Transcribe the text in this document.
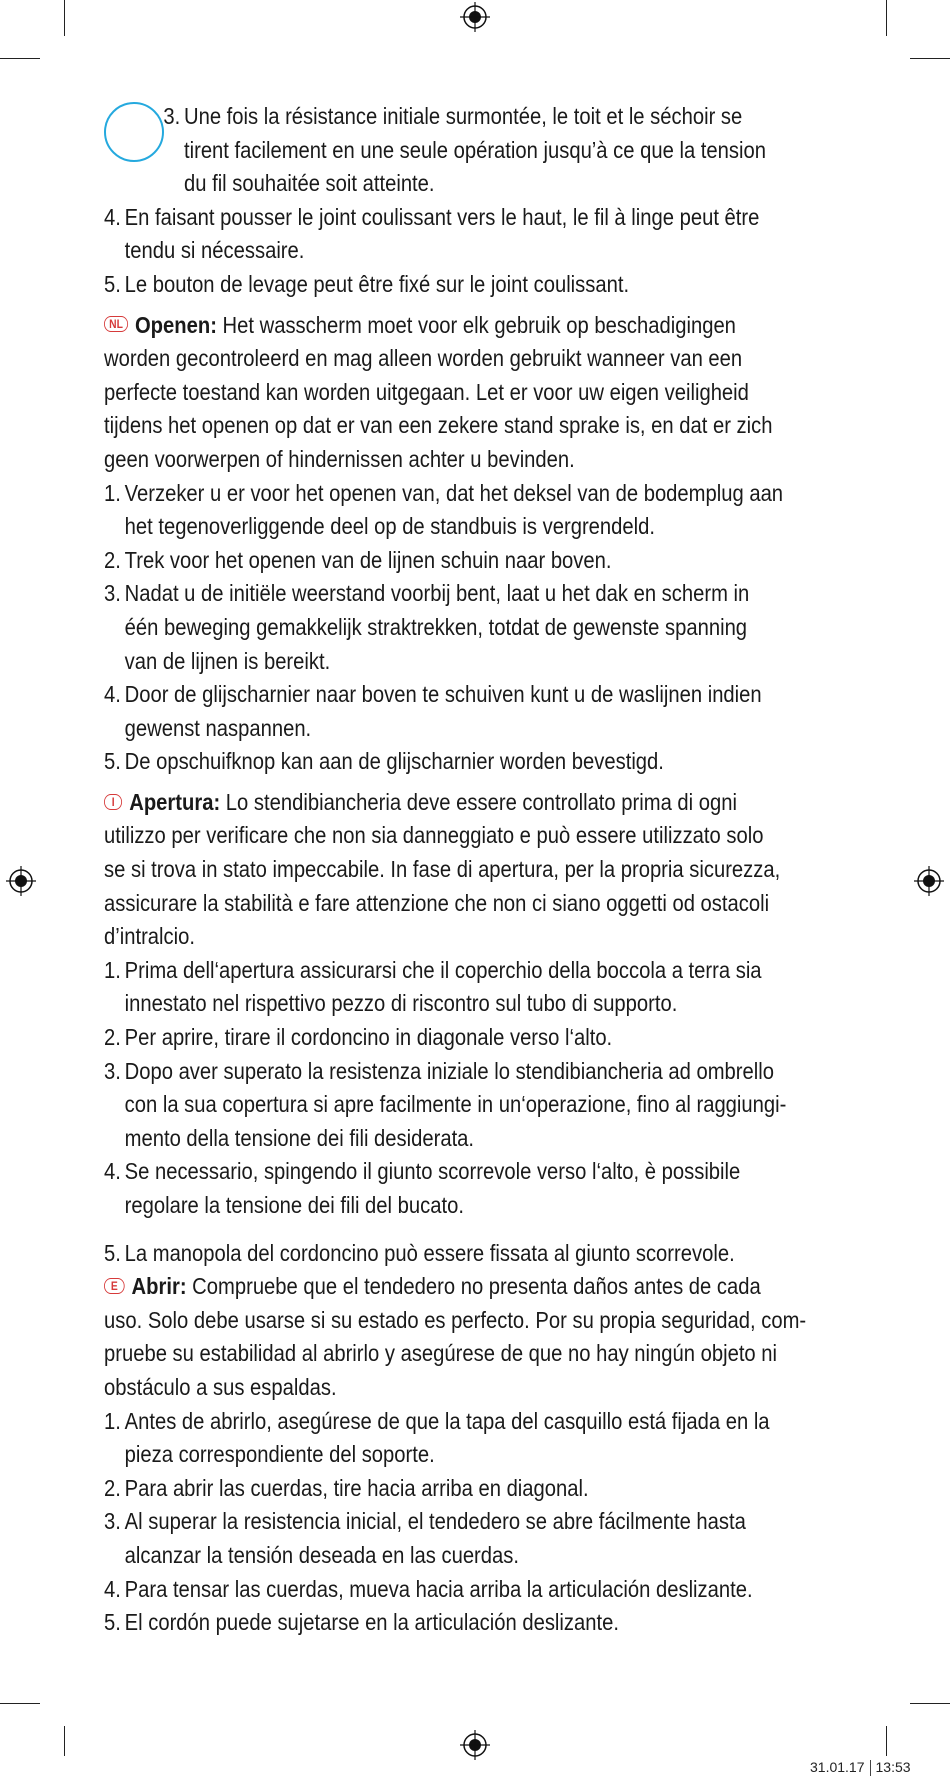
3. Une fois la résistance initiale surmontée, le toit et le séchoir se
tirent facilement en une seule opération jusqu’à ce que la tension
du fil souhaitée soit atteinte.
4. En faisant pousser le joint coulissant vers le haut, le fil à linge peut être
tendu si nécessaire.
5. Le bouton de levage peut être fixé sur le joint coulissant.
NL Openen: Het wasscherm moet voor elk gebruik op beschadigingen
worden gecontroleerd en mag alleen worden gebruikt wanneer van een
perfecte toestand kan worden uitgegaan. Let er voor uw eigen veiligheid
tijdens het openen op dat er van een zekere stand sprake is, en dat er zich
geen voorwerpen of hindernissen achter u bevinden.
1. Verzeker u er voor het openen van, dat het deksel van de bodemplug aan
het tegenoverliggende deel op de standbuis is vergrendeld.
2. Trek voor het openen van de lijnen schuin naar boven.
3. Nadat u de initiële weerstand voorbij bent, laat u het dak en scherm in
één beweging gemakkelijk straktrekken, totdat de gewenste spanning
van de lijnen is bereikt.
4. Door de glijscharnier naar boven te schuiven kunt u de waslijnen indien
gewenst naspannen.
5. De opschuifknop kan aan de glijscharnier worden bevestigd.
I Apertura: Lo stendibiancheria deve essere controllato prima di ogni
utilizzo per verificare che non sia danneggiato e può essere utilizzato solo
se si trova in stato impeccabile. In fase di apertura, per la propria sicurezza,
assicurare la stabilità e fare attenzione che non ci siano oggetti od ostacoli
d’intralcio.
1. Prima dell‘apertura assicurarsi che il coperchio della boccola a terra sia
innestato nel rispettivo pezzo di riscontro sul tubo di supporto.
2. Per aprire, tirare il cordoncino in diagonale verso l‘alto.
3. Dopo aver superato la resistenza iniziale lo stendibiancheria ad ombrello
con la sua copertura si apre facilmente in un‘operazione, fino al raggiungi-
mento della tensione dei fili desiderata.
4. Se necessario, spingendo il giunto scorrevole verso l‘alto, è possibile
regolare la tensione dei fili del bucato.
5. La manopola del cordoncino può essere fissata al giunto scorrevole.
E Abrir: Compruebe que el tendedero no presenta daños antes de cada
uso. Solo debe usarse si su estado es perfecto. Por su propia seguridad, com-
pruebe su estabilidad al abrirlo y asegúrese de que no hay ningún objeto ni
obstáculo a sus espaldas.
1. Antes de abrirlo, asegúrese de que la tapa del casquillo está fijada en la
pieza correspondiente del soporte.
2. Para abrir las cuerdas, tire hacia arriba en diagonal.
3. Al superar la resistencia inicial, el tendedero se abre fácilmente hasta
alcanzar la tensión deseada en las cuerdas.
4. Para tensar las cuerdas, mueva hacia arriba la articulación deslizante.
5. El cordón puede sujetarse en la articulación deslizante.
31.01.17 13:53
